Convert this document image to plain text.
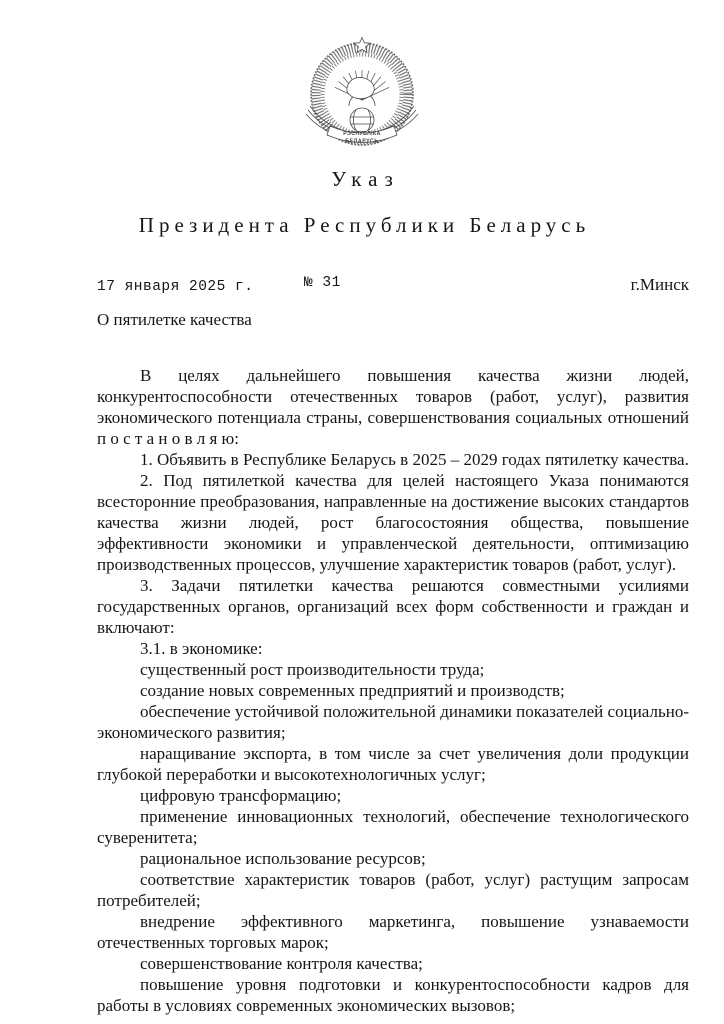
РЭСПУБЛІКА
БЕЛАРУСЬ
Указ
Президента Республики Беларусь
17 января 2025 г.	№ 31	г.Минск
О пятилетке качества

В целях дальнейшего повышения качества жизни людей, конкурентоспособности отечественных товаров (работ, услуг), развития экономического потенциала страны, совершенствования социальных отношений п о с т а н о в л я ю:

1. Объявить в Республике Беларусь в 2025 – 2029 годах пятилетку качества.

2. Под пятилеткой качества для целей настоящего Указа понимаются всесторонние преобразования, направленные на достижение высоких стандартов качества жизни людей, рост благосостояния общества, повышение эффективности экономики и управленческой деятельности, оптимизацию производственных процессов, улучшение характеристик товаров (работ, услуг).

3. Задачи пятилетки качества решаются совместными усилиями государственных органов, организаций всех форм собственности и граждан и включают:

3.1. в экономике:

существенный рост производительности труда;

создание новых современных предприятий и производств;

обеспечение устойчивой положительной динамики показателей социально-экономического развития;

наращивание экспорта, в том числе за счет увеличения доли продукции глубокой переработки и высокотехнологичных услуг;

цифровую трансформацию;

применение инновационных технологий, обеспечение технологического суверенитета;

рациональное использование ресурсов;

соответствие характеристик товаров (работ, услуг) растущим запросам потребителей;

внедрение эффективного маркетинга, повышение узнаваемости отечественных торговых марок;

совершенствование контроля качества;

повышение уровня подготовки и конкурентоспособности кадров для работы в условиях современных экономических вызовов;
